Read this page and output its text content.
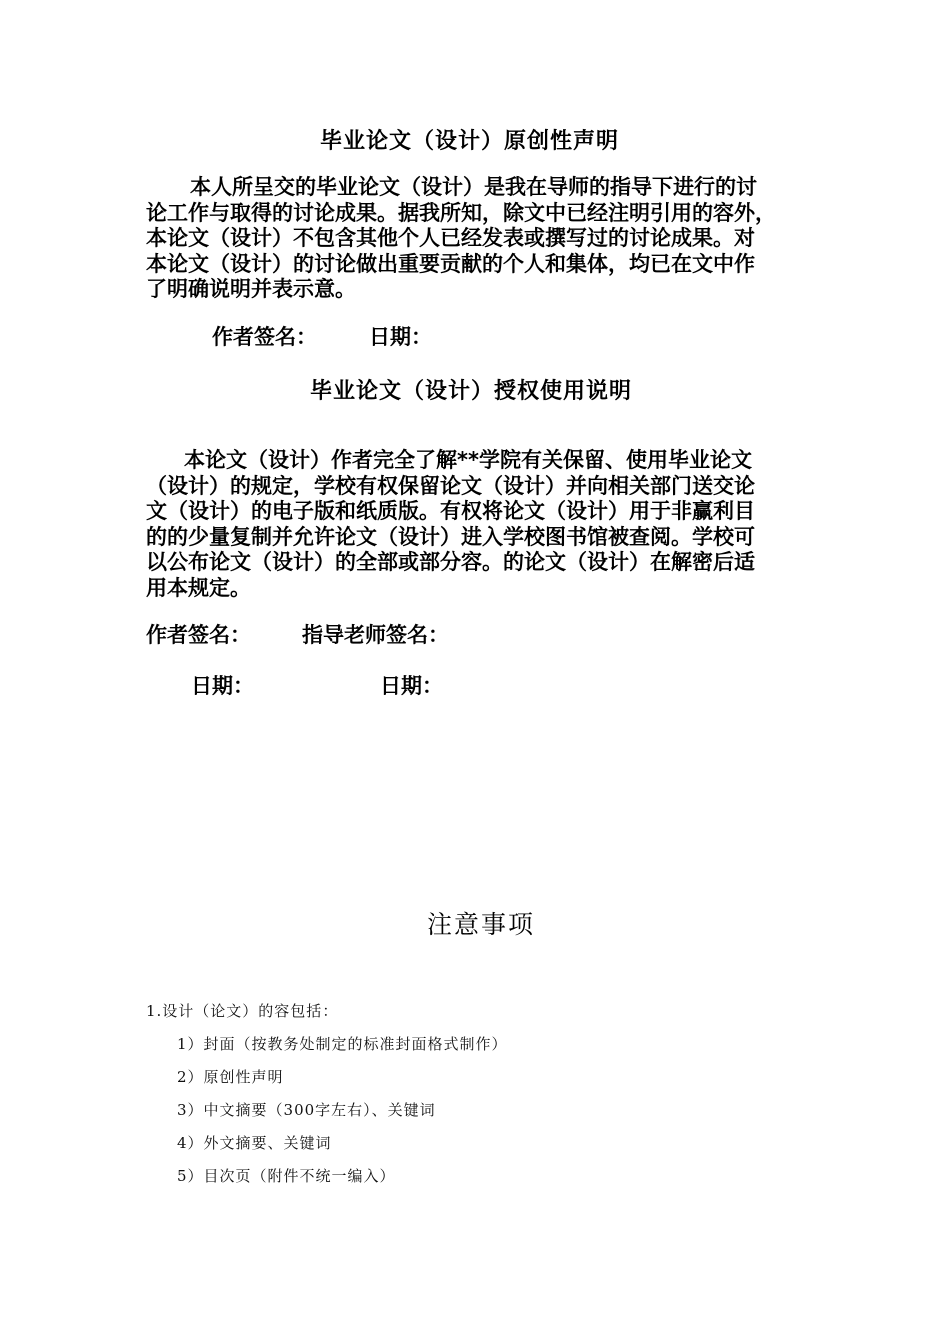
毕业论文（设计）原创性声明
本人所呈交的毕业论文（设计）是我在导师的指导下进行的讨
论工作与取得的讨论成果。据我所知，除文中已经注明引用的容外，
本论文（设计）不包含其他个人已经发表或撰写过的讨论成果。对
本论文（设计）的讨论做出重要贡献的个人和集体，均已在文中作
了明确说明并表示意。
作者签名： 日期：
毕业论文（设计）授权使用说明
本论文（设计）作者完全了解**学院有关保留、使用毕业论文
（设计）的规定，学校有权保留论文（设计）并向相关部门送交论
文（设计）的电子版和纸质版。有权将论文（设计）用于非赢利目
的的少量复制并允许论文（设计）进入学校图书馆被查阅。学校可
以公布论文（设计）的全部或部分容。的论文（设计）在解密后适
用本规定。
作者签名： 指导老师签名：
日期：	日期：
注意事项
1.设计（论文）的容包括：
1）封面（按教务处制定的标准封面格式制作）
2）原创性声明
3）中文摘要（300字左右）、关键词
4）外文摘要、关键词
5）目次页（附件不统一编入）
